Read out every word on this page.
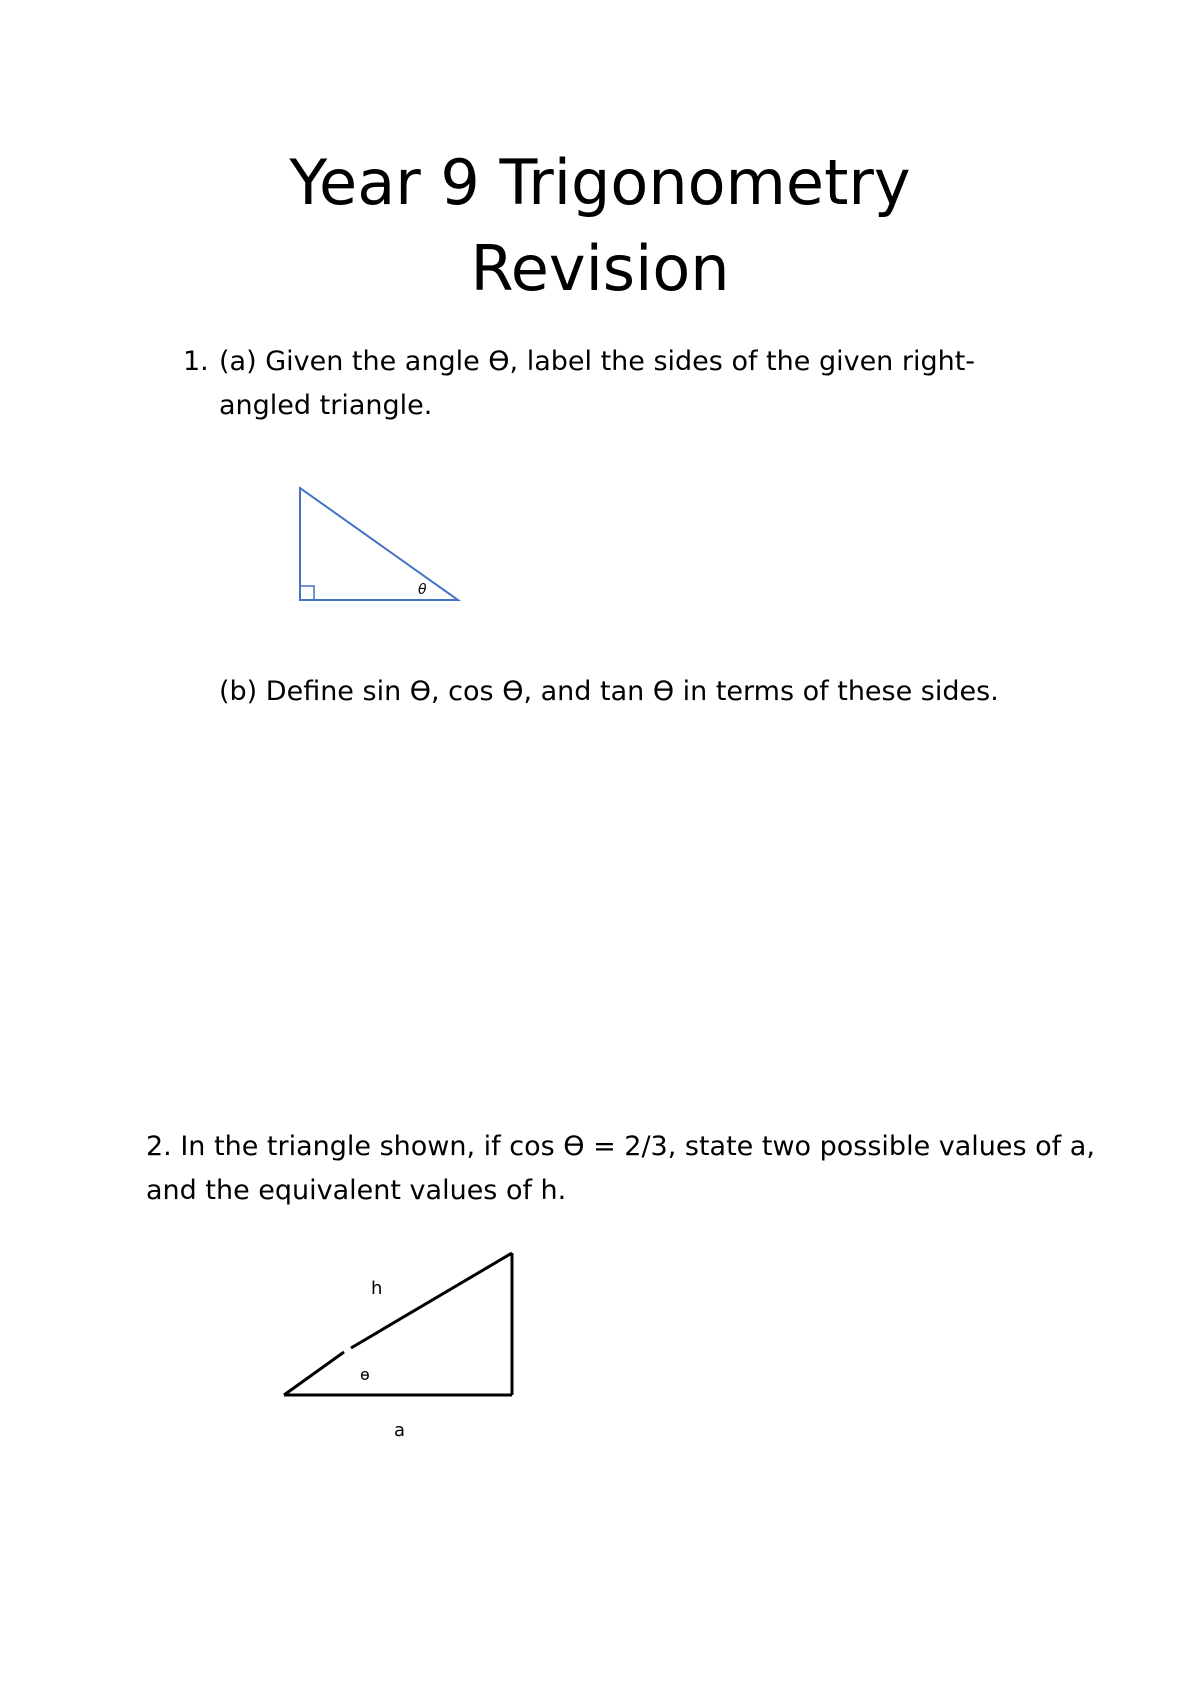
Year 9 Trigonometry
Revision
1. (a) Given the angle Ѳ, label the sides of the given right-angled triangle.
θ
(b) Define sin Ѳ, cos Ѳ, and tan Ѳ in terms of these sides.
2. In the triangle shown, if cos Ѳ = 2/3, state two possible values of a, and the equivalent values of h.
h
ө
a
